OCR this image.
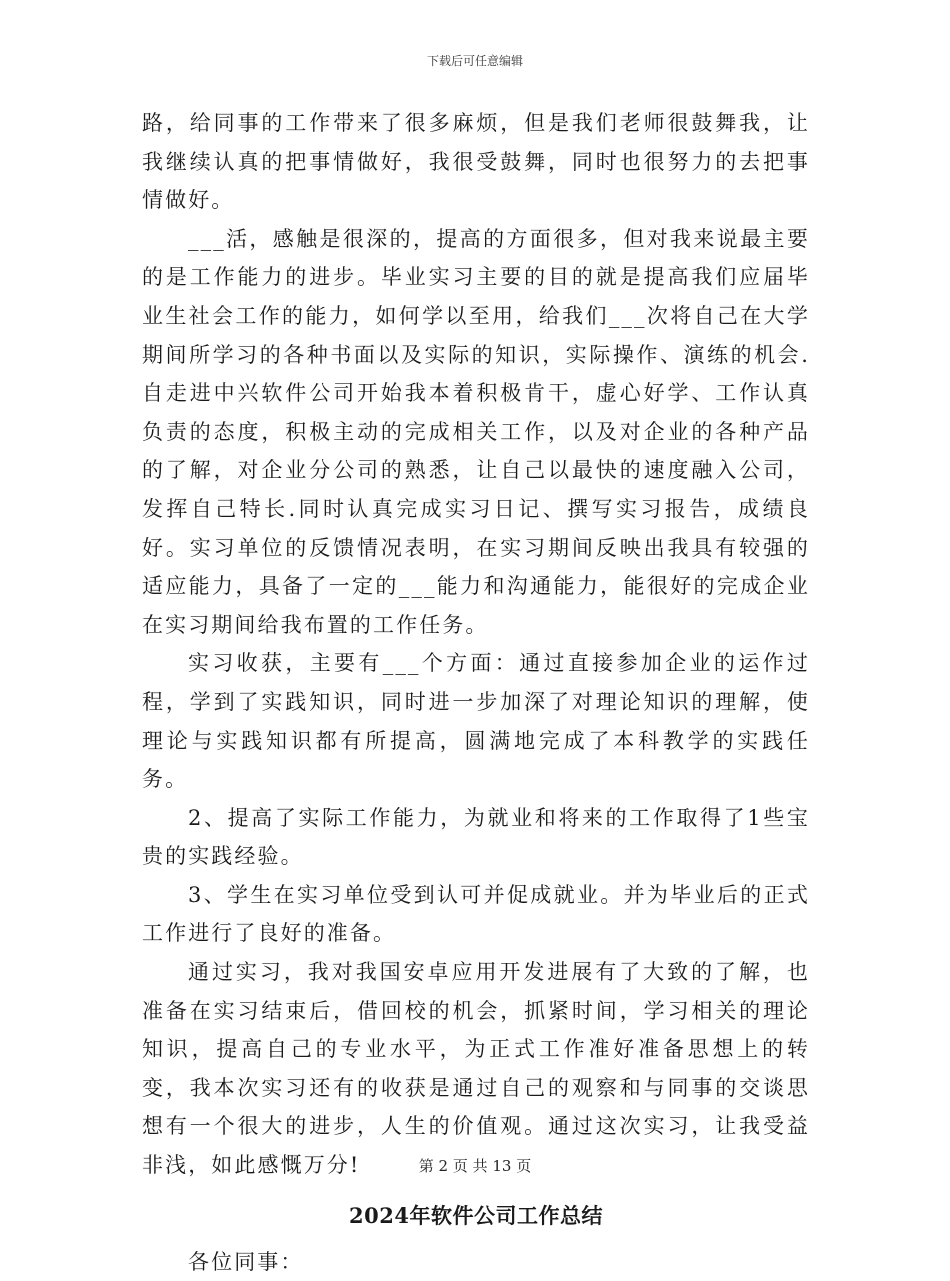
下载后可任意编辑

路，给同事的工作带来了很多麻烦，但是我们老师很鼓舞我，让我继续认真的把事情做好，我很受鼓舞，同时也很努力的去把事情做好。

___活，感触是很深的，提高的方面很多，但对我来说最主要的是工作能力的进步。毕业实习主要的目的就是提高我们应届毕业生社会工作的能力，如何学以至用，给我们___次将自己在大学期间所学习的各种书面以及实际的知识，实际操作、演练的机会.自走进中兴软件公司开始我本着积极肯干，虚心好学、工作认真负责的态度，积极主动的完成相关工作，以及对企业的各种产品的了解，对企业分公司的熟悉，让自己以最快的速度融入公司，发挥自己特长.同时认真完成实习日记、撰写实习报告，成绩良好。实习单位的反馈情况表明，在实习期间反映出我具有较强的适应能力，具备了一定的___能力和沟通能力，能很好的完成企业在实习期间给我布置的工作任务。

实习收获，主要有___个方面：通过直接参加企业的运作过程，学到了实践知识，同时进一步加深了对理论知识的理解，使理论与实践知识都有所提高，圆满地完成了本科教学的实践任务。

2、提高了实际工作能力，为就业和将来的工作取得了1些宝贵的实践经验。

3、学生在实习单位受到认可并促成就业。并为毕业后的正式工作进行了良好的准备。

通过实习，我对我国安卓应用开发进展有了大致的了解，也准备在实习结束后，借回校的机会，抓紧时间，学习相关的理论知识，提高自己的专业水平，为正式工作准好准备思想上的转变，我本次实习还有的收获是通过自己的观察和与同事的交谈思想有一个很大的进步，人生的价值观。通过这次实习，让我受益非浅，如此感慨万分!

2024年软件公司工作总结

各位同事：

第 2 页 共 13 页
